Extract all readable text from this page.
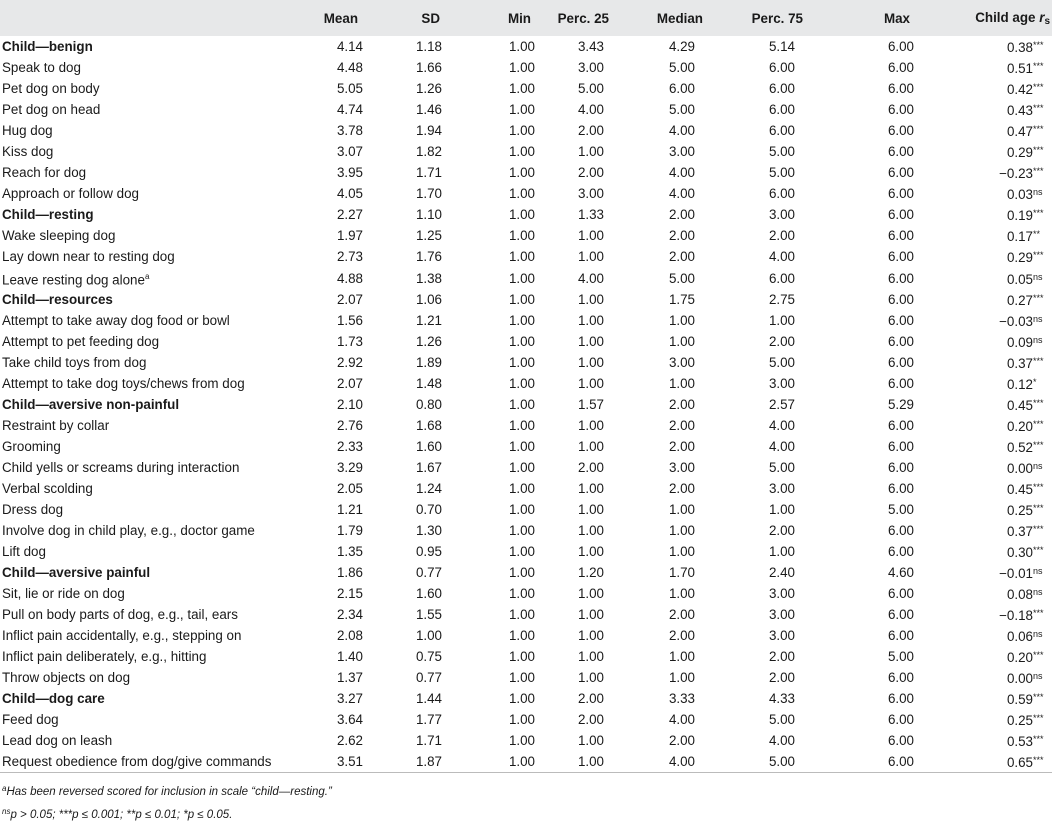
	Mean	SD	Min	Perc. 25	Median	Perc. 75	Max	Child age $r_s$
Child—benign	4.14	1.18	1.00	3.43	4.29	5.14	6.00	0.38***
Speak to dog	4.48	1.66	1.00	3.00	5.00	6.00	6.00	0.51***
Pet dog on body	5.05	1.26	1.00	5.00	6.00	6.00	6.00	0.42***
Pet dog on head	4.74	1.46	1.00	4.00	5.00	6.00	6.00	0.43***
Hug dog	3.78	1.94	1.00	2.00	4.00	6.00	6.00	0.47***
Kiss dog	3.07	1.82	1.00	1.00	3.00	5.00	6.00	0.29***
Reach for dog	3.95	1.71	1.00	2.00	4.00	5.00	6.00	−0.23***
Approach or follow dog	4.05	1.70	1.00	3.00	4.00	6.00	6.00	$0.03^{ns}$
Child—resting	2.27	1.10	1.00	1.33	2.00	3.00	6.00	0.19***
Wake sleeping dog	1.97	1.25	1.00	1.00	2.00	2.00	6.00	0.17**
Lay down near to resting dog	2.73	1.76	1.00	1.00	2.00	4.00	6.00	0.29***
Leave resting dog alone$^a$	4.88	1.38	1.00	4.00	5.00	6.00	6.00	$0.05^{ns}$
Child—resources	2.07	1.06	1.00	1.00	1.75	2.75	6.00	0.27***
Attempt to take away dog food or bowl	1.56	1.21	1.00	1.00	1.00	1.00	6.00	$-0.03^{ns}$
Attempt to pet feeding dog	1.73	1.26	1.00	1.00	1.00	2.00	6.00	$0.09^{ns}$
Take child toys from dog	2.92	1.89	1.00	1.00	3.00	5.00	6.00	0.37***
Attempt to take dog toys/chews from dog	2.07	1.48	1.00	1.00	1.00	3.00	6.00	0.12*
Child—aversive non-painful	2.10	0.80	1.00	1.57	2.00	2.57	5.29	0.45***
Restraint by collar	2.76	1.68	1.00	1.00	2.00	4.00	6.00	0.20***
Grooming	2.33	1.60	1.00	1.00	2.00	4.00	6.00	0.52***
Child yells or screams during interaction	3.29	1.67	1.00	2.00	3.00	5.00	6.00	$0.00^{ns}$
Verbal scolding	2.05	1.24	1.00	1.00	2.00	3.00	6.00	0.45***
Dress dog	1.21	0.70	1.00	1.00	1.00	1.00	5.00	0.25***
Involve dog in child play, e.g., doctor game	1.79	1.30	1.00	1.00	1.00	2.00	6.00	0.37***
Lift dog	1.35	0.95	1.00	1.00	1.00	1.00	6.00	0.30***
Child—aversive painful	1.86	0.77	1.00	1.20	1.70	2.40	4.60	$-0.01^{ns}$
Sit, lie or ride on dog	2.15	1.60	1.00	1.00	1.00	3.00	6.00	$0.08^{ns}$
Pull on body parts of dog, e.g., tail, ears	2.34	1.55	1.00	1.00	2.00	3.00	6.00	−0.18***
Inflict pain accidentally, e.g., stepping on	2.08	1.00	1.00	1.00	2.00	3.00	6.00	$0.06^{ns}$
Inflict pain deliberately, e.g., hitting	1.40	0.75	1.00	1.00	1.00	2.00	5.00	0.20***
Throw objects on dog	1.37	0.77	1.00	1.00	1.00	2.00	6.00	$0.00^{ns}$
Child—dog care	3.27	1.44	1.00	2.00	3.33	4.33	6.00	0.59***
Feed dog	3.64	1.77	1.00	2.00	4.00	5.00	6.00	0.25***
Lead dog on leash	2.62	1.71	1.00	1.00	2.00	4.00	6.00	0.53***
Request obedience from dog/give commands	3.51	1.87	1.00	1.00	4.00	5.00	6.00	0.65***

$^a$Has been reversed scored for inclusion in scale “child—resting.”								
$^{ns}$p > 0.05; ***p ≤ 0.001; **p ≤ 0.01; *p ≤ 0.05.								
